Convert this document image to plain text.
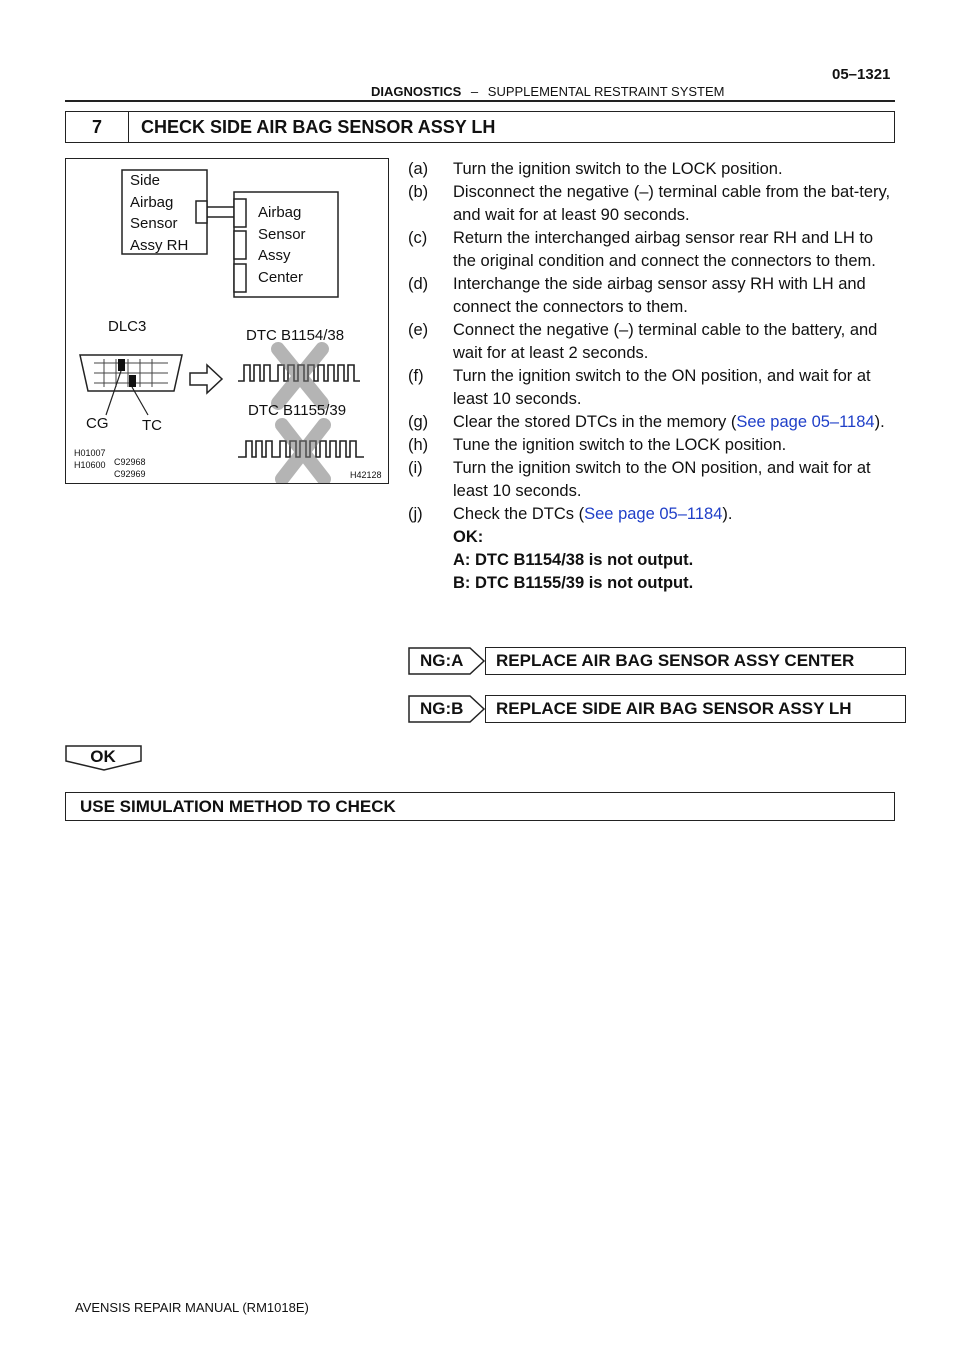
05–1321
DIAGNOSTICS – SUPPLEMENTAL RESTRAINT SYSTEM
7	CHECK SIDE AIR BAG SENSOR ASSY LH
Side
Airbag
Sensor
Assy RH
Airbag
Sensor
Assy
Center
DLC3
DTC B1154/38
DTC B1155/39
CG TC
H01007
H10600 C92968
C92969	H42128
(a) Turn the ignition switch to the LOCK position.
(b) Disconnect the negative (–) terminal cable from the bat-tery, and wait for at least 90 seconds.
(c) Return the interchanged airbag sensor rear RH and LH to the original condition and connect the connectors to them.
(d) Interchange the side airbag sensor assy RH with LH and connect the connectors to them.
(e) Connect the negative (–) terminal cable to the battery, and wait for at least 2 seconds.
(f) Turn the ignition switch to the ON position, and wait for at least 10 seconds.
(g) Clear the stored DTCs in the memory (See page 05–1184).
(h) Tune the ignition switch to the LOCK position.
(i) Turn the ignition switch to the ON position, and wait for at least 10 seconds.
(j) Check the DTCs (See page 05–1184).
OK:
A: DTC B1154/38 is not output.
B: DTC B1155/39 is not output.
NG:A	REPLACE AIR BAG SENSOR ASSY CENTER
NG:B	REPLACE SIDE AIR BAG SENSOR ASSY LH
OK
USE SIMULATION METHOD TO CHECK
AVENSIS REPAIR MANUAL (RM1018E)
